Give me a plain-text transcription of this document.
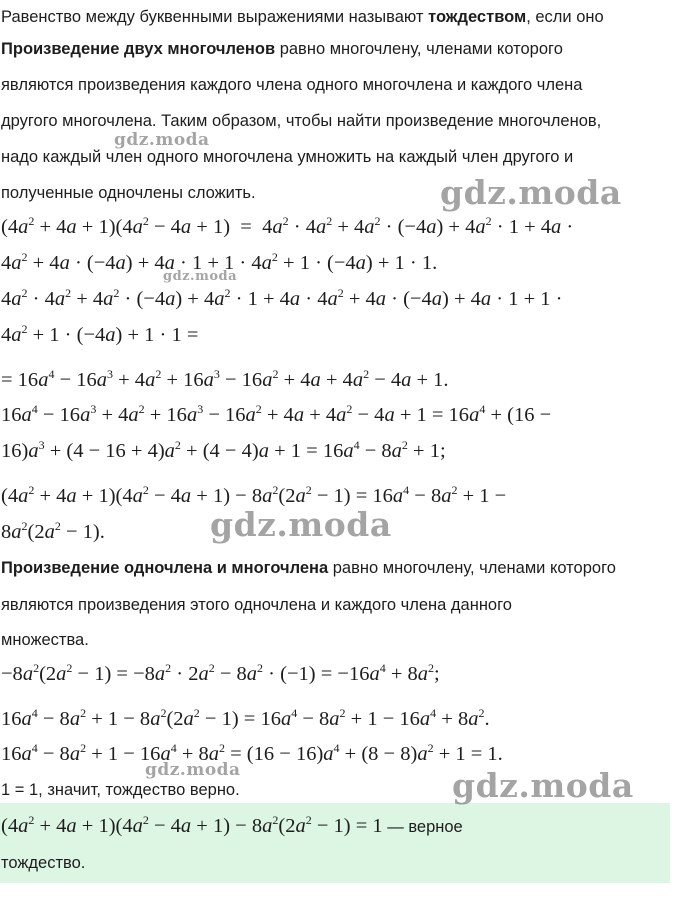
Равенство между буквенными выражениями называют тождеством, если оно
Произведение двух многочленов равно многочлену, членами которого
являются произведения каждого члена одного многочлена и каждого члена
другого многочлена. Таким образом, чтобы найти произведение многочленов,
надо каждый член одного многочлена умножить на каждый член другого и
полученные одночлены сложить.
$(4a^2 + 4a + 1)(4a^2 - 4a + 1) = 4a^2 \cdot 4a^2 + 4a^2 \cdot (-4a) + 4a^2 \cdot 1 + 4a$ ·
$4a^2 + 4a \cdot (-4a) + 4a \cdot 1 + 1 \cdot 4a^2 + 1 \cdot (-4a) + 1 \cdot 1$.
$4a^2 \cdot 4a^2 + 4a^2 \cdot (-4a) + 4a^2 \cdot 1 + 4a \cdot 4a^2 + 4a \cdot (-4a) + 4a \cdot 1 + 1$ ·
$4a^2 + 1 \cdot (-4a) + 1 \cdot 1$ =
= $16a^4 - 16a^3 + 4a^2 + 16a^3 - 16a^2 + 4a + 4a^2 - 4a + 1$.
$16a^4 - 16a^3 + 4a^2 + 16a^3 - 16a^2 + 4a + 4a^2 - 4a + 1 = 16a^4 + (16$ −
$16)a^3 + (4 - 16 + 4)a^2 + (4 - 4)a + 1 = 16a^4 - 8a^2 + 1$;
$(4a^2 + 4a + 1)(4a^2 - 4a + 1) - 8a^2(2a^2 - 1) = 16a^4 - 8a^2 + 1$ −
$8a^2(2a^2 - 1)$.
Произведение одночлена и многочлена равно многочлену, членами которого
являются произведения этого одночлена и каждого члена данного
множества.
$-8a^2(2a^2 - 1) = -8a^2 \cdot 2a^2 - 8a^2 \cdot (-1) = -16a^4 + 8a^2$;
$16a^4 - 8a^2 + 1 - 8a^2(2a^2 - 1) = 16a^4 - 8a^2 + 1 - 16a^4 + 8a^2$.
$16a^4 - 8a^2 + 1 - 16a^4 + 8a^2 = (16 - 16)a^4 + (8 - 8)a^2 + 1 = 1$.
1 = 1, значит, тождество верно.
$(4a^2 + 4a + 1)(4a^2 - 4a + 1) - 8a^2(2a^2 - 1) = 1$ — верное
тождество.
gdz.moda
gdz.moda
gdz.moda
gdz.moda
gdz.moda	gdz.moda
